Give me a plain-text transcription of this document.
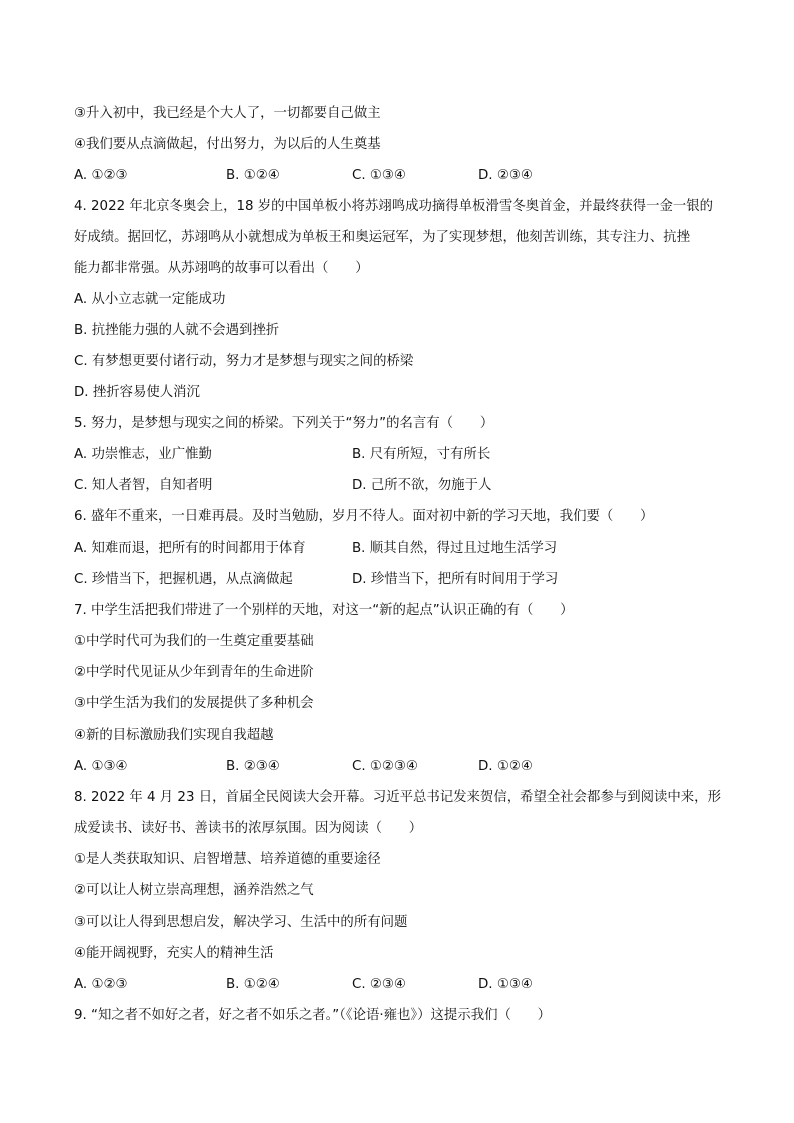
③升入初中，我已经是个大人了，一切都要自己做主
④我们要从点滴做起，付出努力，为以后的人生奠基
A. ①②③	B. ①②④	C. ①③④	D. ②③④
4. 2022 年北京冬奥会上，18 岁的中国单板小将苏翊鸣成功摘得单板滑雪冬奥首金，并最终获得一金一银的
好成绩。据回忆，苏翊鸣从小就想成为单板王和奥运冠军，为了实现梦想，他刻苦训练，其专注力、抗挫
能力都非常强。从苏翊鸣的故事可以看出（　　）
A. 从小立志就一定能成功
B. 抗挫能力强的人就不会遇到挫折
C. 有梦想更要付诸行动，努力才是梦想与现实之间的桥梁
D. 挫折容易使人消沉
5. 努力，是梦想与现实之间的桥梁。下列关于“努力”的名言有（　　）
A. 功崇惟志，业广惟勤	B. 尺有所短，寸有所长
C. 知人者智，自知者明	D. 己所不欲，勿施于人
6. 盛年不重来，一日难再晨。及时当勉励，岁月不待人。面对初中新的学习天地，我们要（　　）
A. 知难而退，把所有的时间都用于体育	B. 顺其自然，得过且过地生活学习
C. 珍惜当下，把握机遇，从点滴做起	D. 珍惜当下，把所有时间用于学习
7. 中学生活把我们带进了一个别样的天地，对这一“新的起点”认识正确的有（　　）
①中学时代可为我们的一生奠定重要基础
②中学时代见证从少年到青年的生命进阶
③中学生活为我们的发展提供了多种机会
④新的目标激励我们实现自我超越
A. ①③④	B. ②③④	C. ①②③④	D. ①②④
8. 2022 年 4 月 23 日，首届全民阅读大会开幕。习近平总书记发来贺信，希望全社会都参与到阅读中来，形
成爱读书、读好书、善读书的浓厚氛围。因为阅读（　　）
①是人类获取知识、启智增慧、培养道德的重要途径
②可以让人树立崇高理想，涵养浩然之气
③可以让人得到思想启发，解决学习、生活中的所有问题
④能开阔视野，充实人的精神生活
A. ①②③	B. ①②④	C. ②③④	D. ①③④
9. “知之者不如好之者，好之者不如乐之者。”（《论语·雍也》）这提示我们（　　）
